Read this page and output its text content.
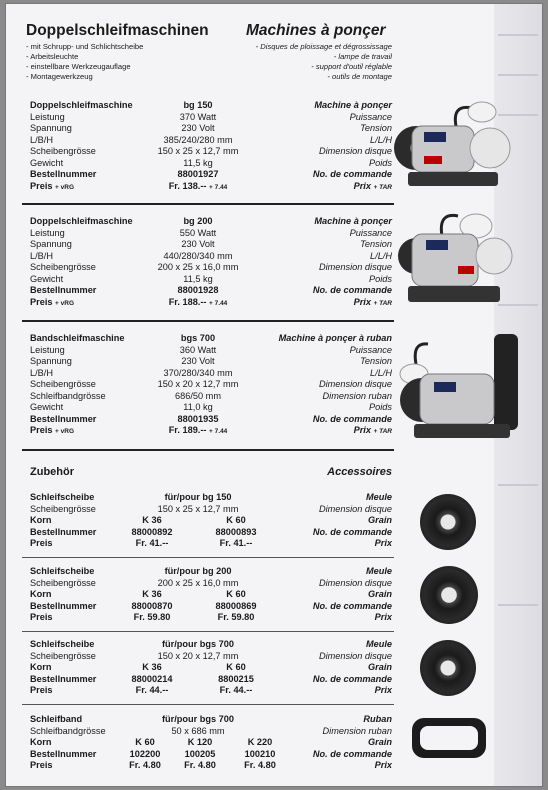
Doppelschleifmaschinen Machines à ponçer
- mit Schrupp- und Schlichtscheibe
- Arbeitsleuchte
- einstellbare Werkzeugauflage
- Montagewerkzeug
- Disques de ploissage et dégrossissage
- lampe de travail
- support d'outil réglable
- outils de montage
Doppelschleifmaschine	bg 150	Machine à ponçer
Leistung	370 Watt	Puissance
Spannung	230 Volt	Tension
L/B/H	385/240/280 mm	L/L/H
Scheibengrösse	150 x 25 x 12,7 mm	Dimension disque
Gewicht	11,5 kg	Poids
Bestellnummer	88001927	No. de commande
Preis + vRG	Fr. 138.-- + 7.44	Prix + TAR
Doppelschleifmaschine	bg 200	Machine à ponçer
Leistung	550 Watt	Puissance
Spannung	230 Volt	Tension
L/B/H	440/280/340 mm	L/L/H
Scheibengrösse	200 x 25 x 16,0 mm	Dimension disque
Gewicht	11,5 kg	Poids
Bestellnummer	88001928	No. de commande
Preis + vRG	Fr. 188.-- + 7.44	Prix + TAR
Bandschleifmaschine	bgs 700	Machine à ponçer à ruban
Leistung	360 Watt	Puissance
Spannung	230 Volt	Tension
L/B/H	370/280/340 mm	L/L/H
Scheibengrösse	150 x 20 x 12,7 mm	Dimension disque
Schleifbandgrösse	686/50 mm	Dimension ruban
Gewicht	11,0 kg	Poids
Bestellnummer	88001935	No. de commande
Preis + vRG	Fr. 189.-- + 7.44	Prix + TAR
Zubehör	Accessoires
Schleifscheibe	für/pour bg 150	Meule
Scheibengrösse	150 x 25 x 12,7 mm	Dimension disque
Korn	K 36	K 60	Grain
Bestellnummer	88000892	88000893	No. de commande
Preis	Fr. 41.--	Fr. 41.--	Prix
Schleifscheibe	für/pour bg 200	Meule
Scheibengrösse	200 x 25 x 16,0 mm	Dimension disque
Korn	K 36	K 60	Grain
Bestellnummer	88000870	88000869	No. de commande
Preis	Fr. 59.80	Fr. 59.80	Prix
Schleifscheibe	für/pour bgs 700	Meule
Scheibengrösse	150 x 20 x 12,7 mm	Dimension disque
Korn	K 36	K 60	Grain
Bestellnummer	88000214	8800215	No. de commande
Preis	Fr. 44.--	Fr. 44.--	Prix
Schleifband	für/pour bgs 700	Ruban
Schleifbandgrösse	50 x 686 mm	Dimension ruban
Korn	K 60	K 120	K 220	Grain
Bestellnummer	102200	100205	100210	No. de commande
Preis	Fr. 4.80	Fr. 4.80	Fr. 4.80	Prix
